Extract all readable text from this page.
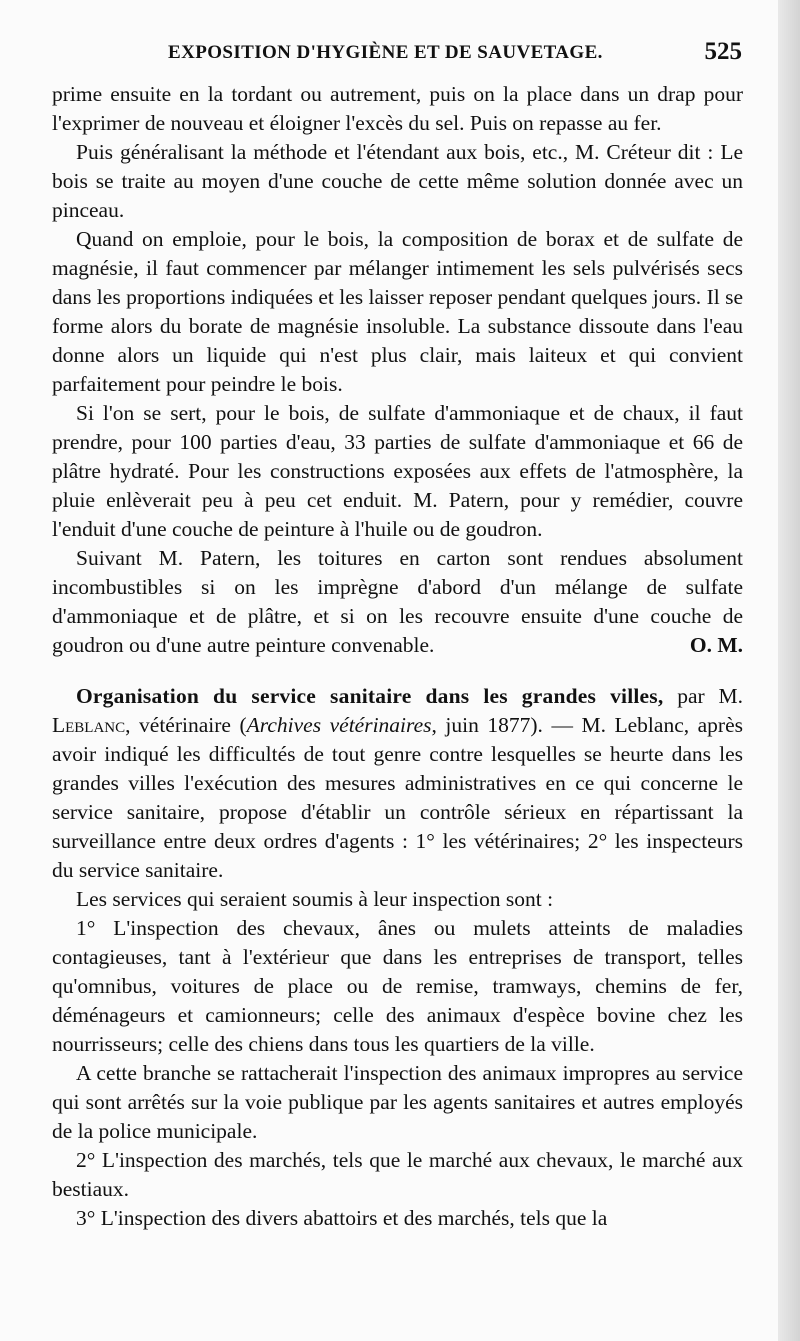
EXPOSITION D'HYGIÈNE ET DE SAUVETAGE.	525

prime ensuite en la tordant ou autrement, puis on la place dans un drap pour l'exprimer de nouveau et éloigner l'excès du sel. Puis on repasse au fer.

Puis généralisant la méthode et l'étendant aux bois, etc., M. Créteur dit : Le bois se traite au moyen d'une couche de cette même solution donnée avec un pinceau.

Quand on emploie, pour le bois, la composition de borax et de sulfate de magnésie, il faut commencer par mélanger intimement les sels pulvérisés secs dans les proportions indiquées et les laisser reposer pendant quelques jours. Il se forme alors du borate de magnésie insoluble. La substance dissoute dans l'eau donne alors un liquide qui n'est plus clair, mais laiteux et qui convient parfaitement pour peindre le bois.

Si l'on se sert, pour le bois, de sulfate d'ammoniaque et de chaux, il faut prendre, pour 100 parties d'eau, 33 parties de sulfate d'ammoniaque et 66 de plâtre hydraté. Pour les constructions exposées aux effets de l'atmosphère, la pluie enlèverait peu à peu cet enduit. M. Patern, pour y remédier, couvre l'enduit d'une couche de peinture à l'huile ou de goudron.

Suivant M. Patern, les toitures en carton sont rendues absolument incombustibles si on les imprègne d'abord d'un mélange de sulfate d'ammoniaque et de plâtre, et si on les recouvre ensuite d'une couche de goudron ou d'une autre peinture convenable.	O. M.

Organisation du service sanitaire dans les grandes villes, par M. Leblanc, vétérinaire (Archives vétérinaires, juin 1877). — M. Leblanc, après avoir indiqué les difficultés de tout genre contre lesquelles se heurte dans les grandes villes l'exécution des mesures administratives en ce qui concerne le service sanitaire, propose d'établir un contrôle sérieux en répartissant la surveillance entre deux ordres d'agents : 1° les vétérinaires; 2° les inspecteurs du service sanitaire.

Les services qui seraient soumis à leur inspection sont :

1° L'inspection des chevaux, ânes ou mulets atteints de maladies contagieuses, tant à l'extérieur que dans les entreprises de transport, telles qu'omnibus, voitures de place ou de remise, tramways, chemins de fer, déménageurs et camionneurs; celle des animaux d'espèce bovine chez les nourrisseurs; celle des chiens dans tous les quartiers de la ville.

A cette branche se rattacherait l'inspection des animaux impropres au service qui sont arrêtés sur la voie publique par les agents sanitaires et autres employés de la police municipale.

2° L'inspection des marchés, tels que le marché aux chevaux, le marché aux bestiaux.

3° L'inspection des divers abattoirs et des marchés, tels que la
